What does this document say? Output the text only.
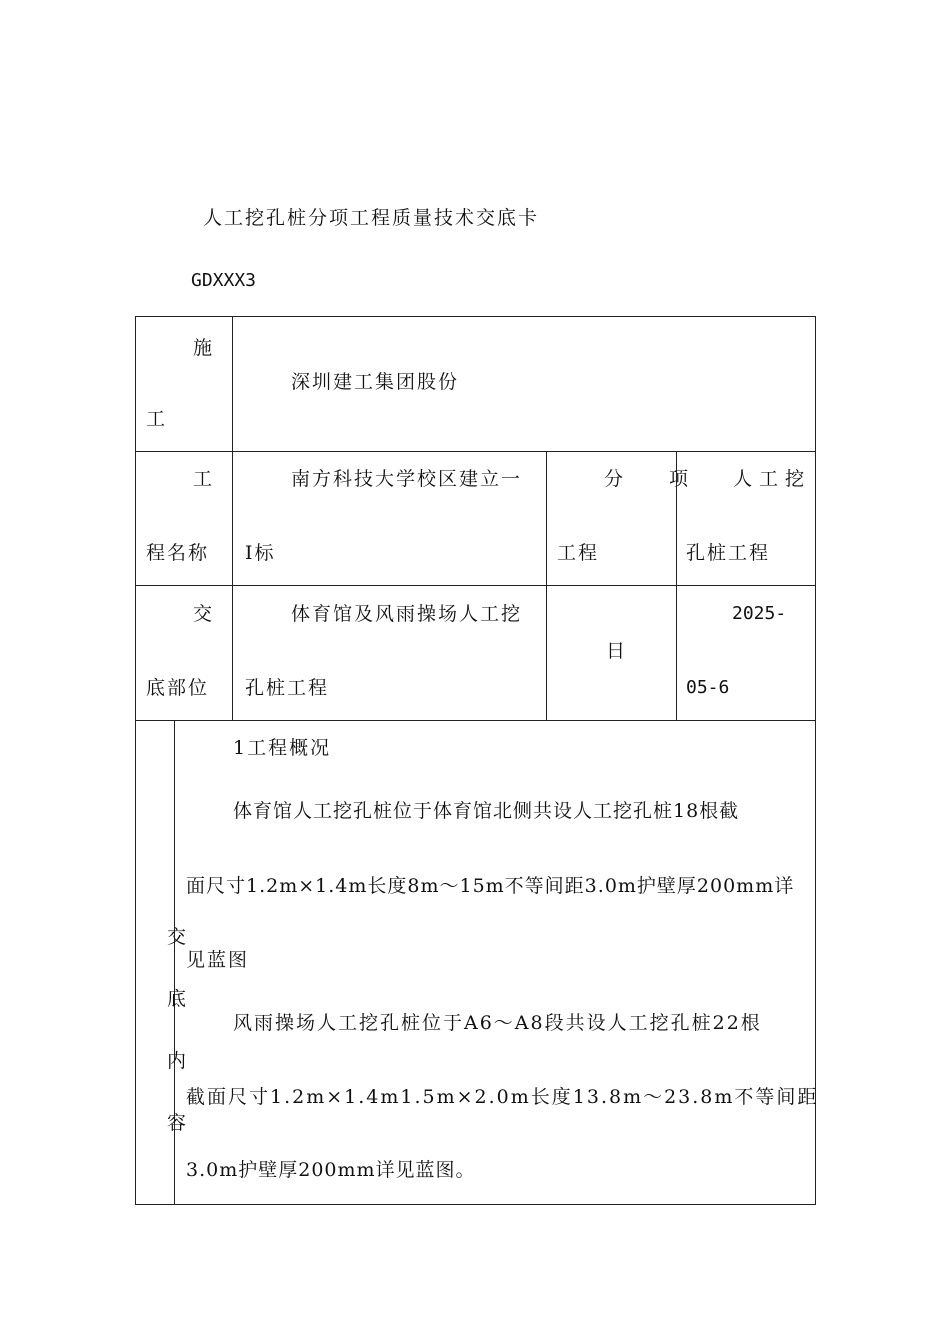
人工挖孔桩分项工程质量技术交底卡
GDXXX3
施
工
深圳建工集团股份
工
程名称
南方科技大学校区建立一
Ⅰ标
分 项
工程
人工挖
孔桩工程
交
底部位
体育馆及风雨操场人工挖
孔桩工程
日
2025-
05-6
交
底
内
容
1工程概况
体育馆人工挖孔桩位于体育馆北侧共设人工挖孔桩18根截
面尺寸1.2m×1.4m长度8m～15m不等间距3.0m护壁厚200mm详
见蓝图
风雨操场人工挖孔桩位于A6～A8段共设人工挖孔桩22根
截面尺寸1.2m×1.4m1.5m×2.0m长度13.8m～23.8m不等间距
3.0m护壁厚200mm详见蓝图。
